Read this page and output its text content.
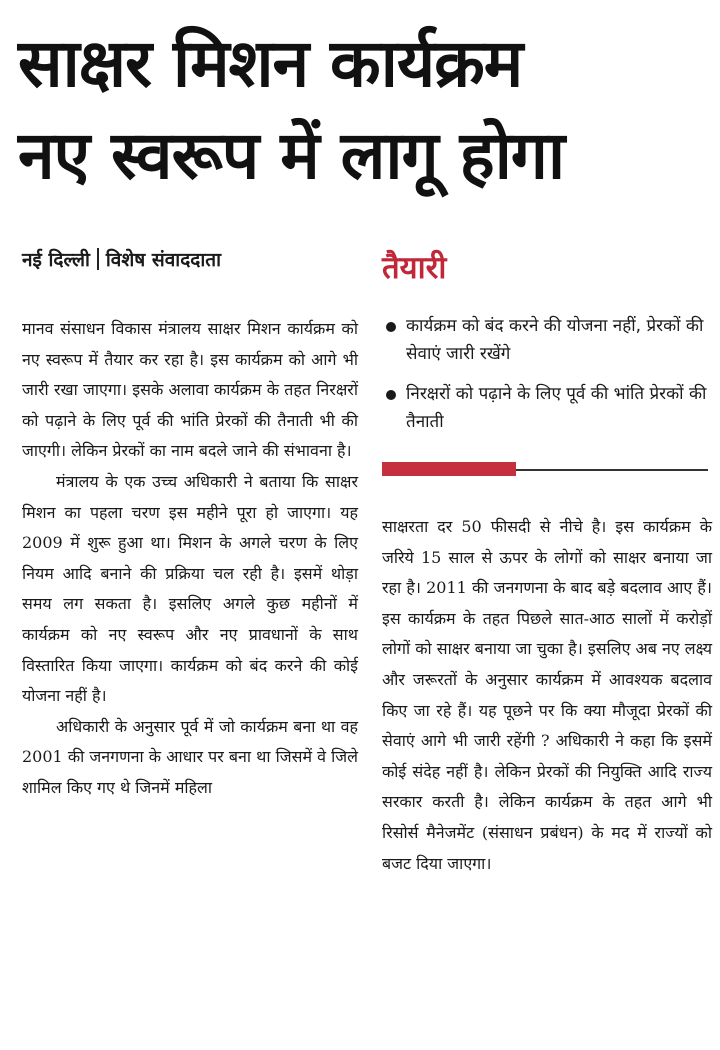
साक्षर मिशन कार्यक्रम
नए स्वरूप में लागू होगा
नई दिल्ली विशेष संवाददाता

मानव संसाधन विकास मंत्रालय साक्षर मिशन कार्यक्रम को नए स्वरूप में तैयार कर रहा है। इस कार्यक्रम को आगे भी जारी रखा जाएगा। इसके अलावा कार्यक्रम के तहत निरक्षरों को पढ़ाने के लिए पूर्व की भांति प्रेरकों की तैनाती भी की जाएगी। लेकिन प्रेरकों का नाम बदले जाने की संभावना है।

मंत्रालय के एक उच्च अधिकारी ने बताया कि साक्षर मिशन का पहला चरण इस महीने पूरा हो जाएगा। यह 2009 में शुरू हुआ था। मिशन के अगले चरण के लिए नियम आदि बनाने की प्रक्रिया चल रही है। इसमें थोड़ा समय लग सकता है। इसलिए अगले कुछ महीनों में कार्यक्रम को नए स्वरूप और नए प्रावधानों के साथ विस्तारित किया जाएगा। कार्यक्रम को बंद करने की कोई योजना नहीं है।

अधिकारी के अनुसार पूर्व में जो कार्यक्रम बना था वह 2001 की जनगणना के आधार पर बना था जिसमें वे जिले शामिल किए गए थे जिनमें महिला

तैयारी
कार्यक्रम को बंद करने की योजना नहीं, प्रेरकों की सेवाएं जारी रखेंगे
निरक्षरों को पढ़ाने के लिए पूर्व की भांति प्रेरकों की तैनाती

साक्षरता दर 50 फीसदी से नीचे है। इस कार्यक्रम के जरिये 15 साल से ऊपर के लोगों को साक्षर बनाया जा रहा है। 2011 की जनगणना के बाद बड़े बदलाव आए हैं। इस कार्यक्रम के तहत पिछले सात-आठ सालों में करोड़ों लोगों को साक्षर बनाया जा चुका है। इसलिए अब नए लक्ष्य और जरूरतों के अनुसार कार्यक्रम में आवश्यक बदलाव किए जा रहे हैं। यह पूछने पर कि क्या मौजूदा प्रेरकों की सेवाएं आगे भी जारी रहेंगी ? अधिकारी ने कहा कि इसमें कोई संदेह नहीं है। लेकिन प्रेरकों की नियुक्ति आदि राज्य सरकार करती है। लेकिन कार्यक्रम के तहत आगे भी रिसोर्स मैनेजमेंट (संसाधन प्रबंधन) के मद में राज्यों को बजट दिया जाएगा।
